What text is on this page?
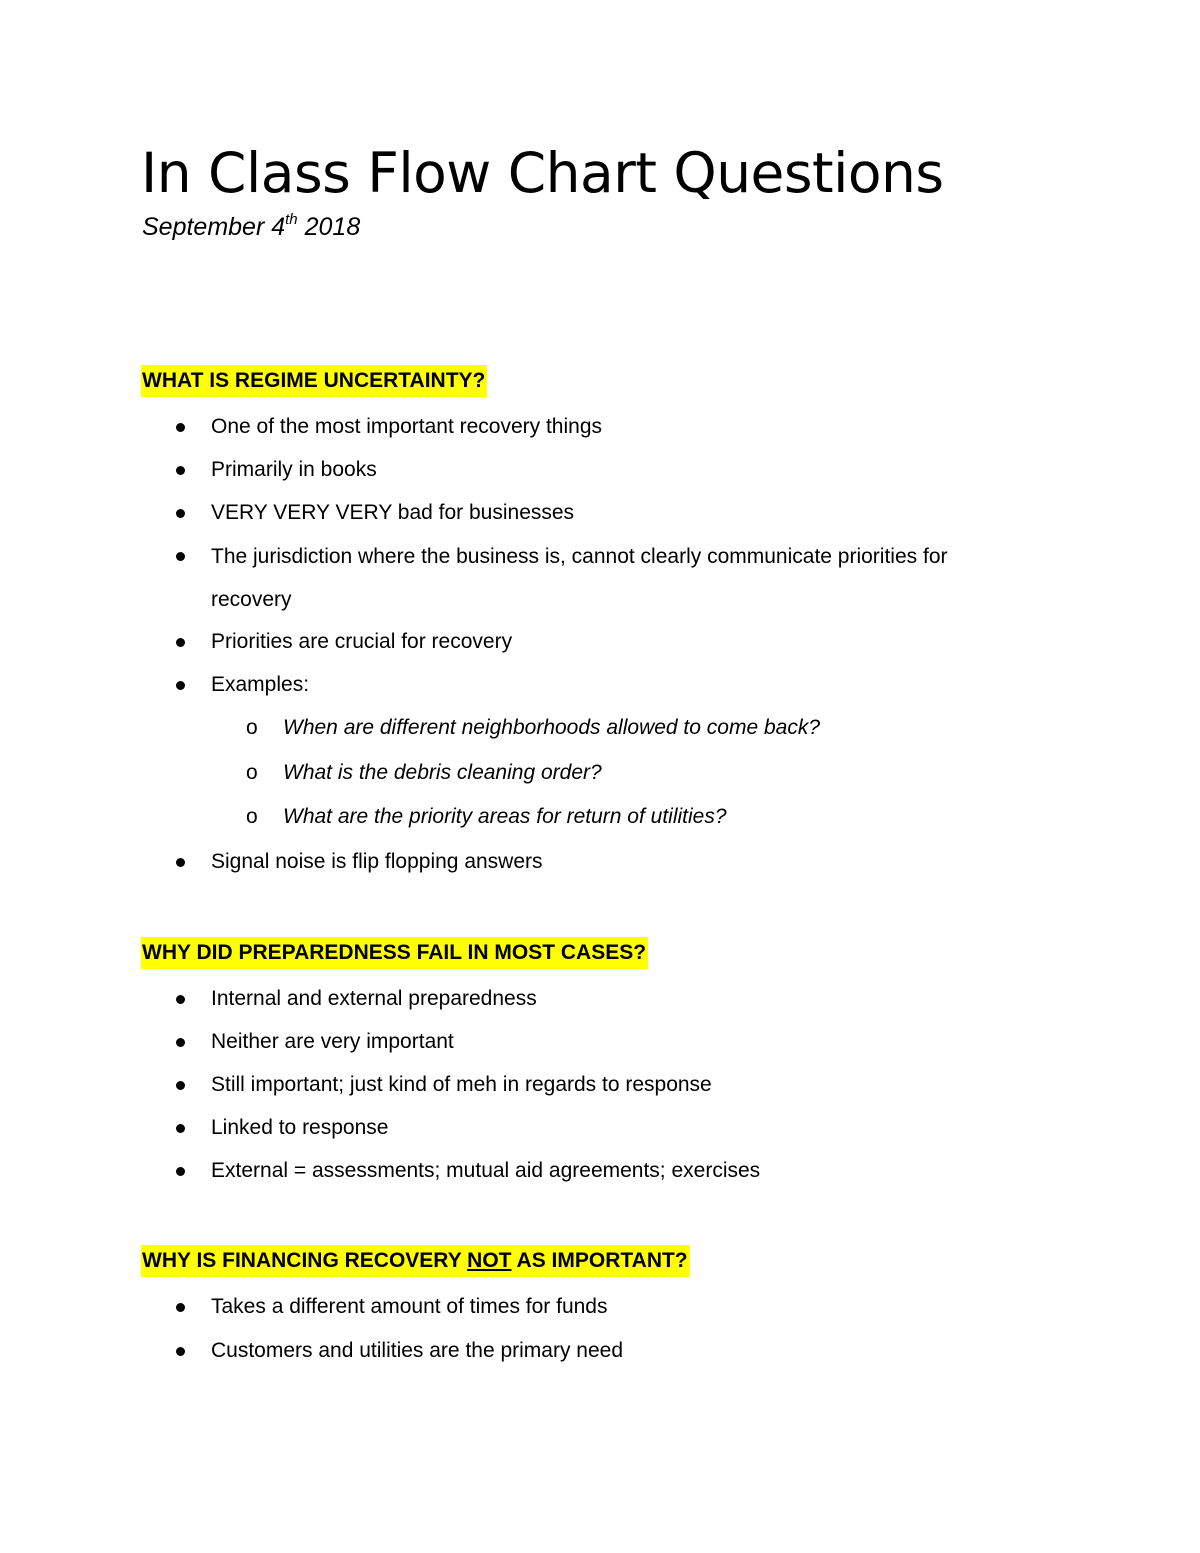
In Class Flow Chart Questions

September 4th 2018

WHAT IS REGIME UNCERTAINTY?
One of the most important recovery things
Primarily in books
VERY VERY VERY bad for businesses
The jurisdiction where the business is, cannot clearly communicate priorities for recovery
Priorities are crucial for recovery
Examples:
o When are different neighborhoods allowed to come back?
o What is the debris cleaning order?
o What are the priority areas for return of utilities?
Signal noise is flip flopping answers
WHY DID PREPAREDNESS FAIL IN MOST CASES?
Internal and external preparedness
Neither are very important
Still important; just kind of meh in regards to response
Linked to response
External = assessments; mutual aid agreements; exercises
WHY IS FINANCING RECOVERY NOT AS IMPORTANT?
Takes a different amount of times for funds
Customers and utilities are the primary need
